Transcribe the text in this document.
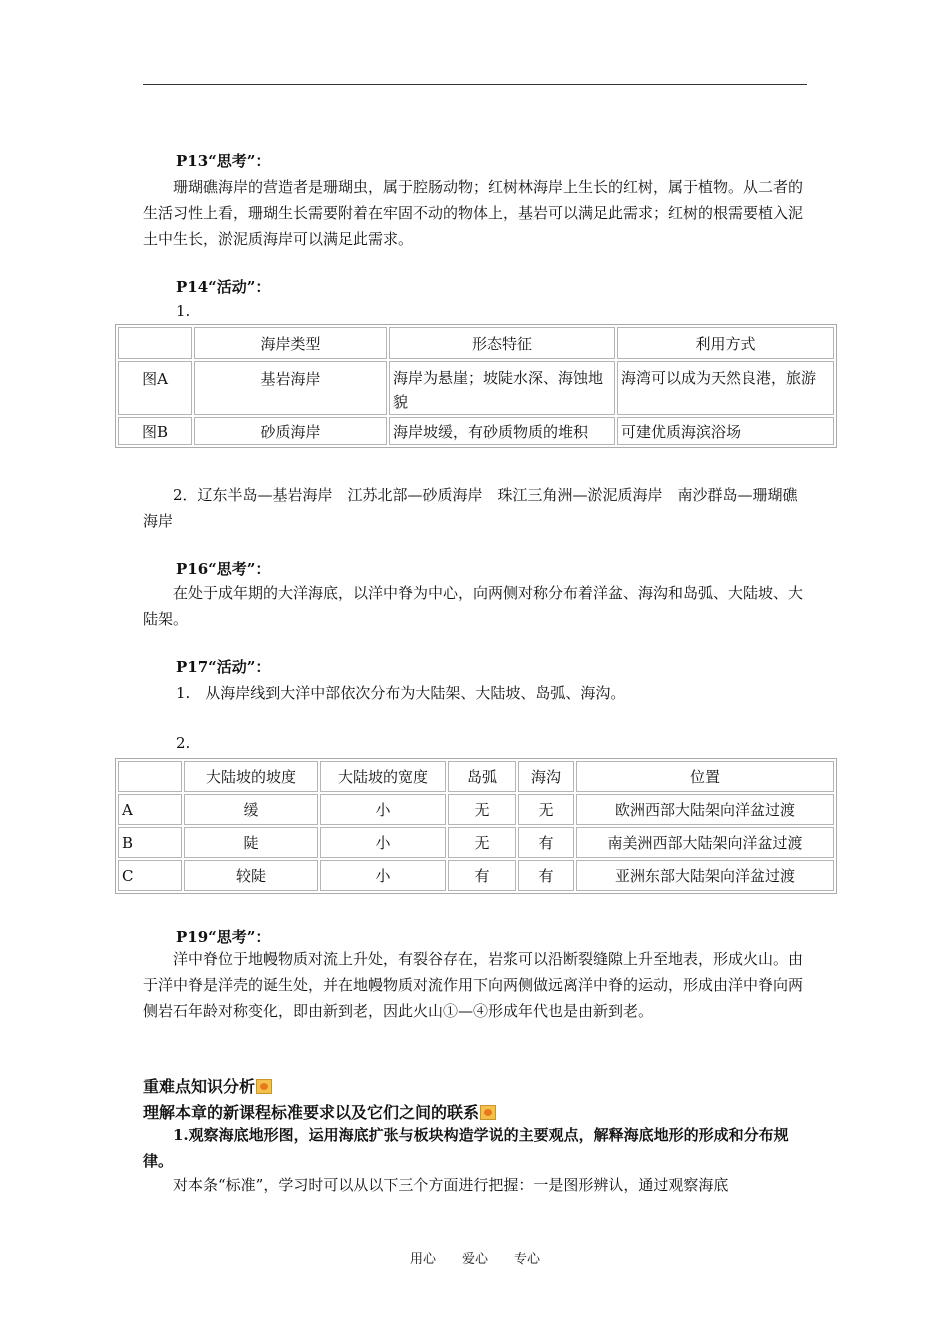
P13“思考”：
珊瑚礁海岸的营造者是珊瑚虫，属于腔肠动物；红树林海岸上生长的红树，属于植物。从二者的生活习性上看，珊瑚生长需要附着在牢固不动的物体上，基岩可以满足此需求；红树的根需要植入泥土中生长，淤泥质海岸可以满足此需求。
P14“活动”：
1.
	海岸类型	形态特征	利用方式
图A	基岩海岸	海岸为悬崖；坡陡水深、海蚀地貌	海湾可以成为天然良港，旅游
图B	砂质海岸	海岸坡缓，有砂质物质的堆积	可建优质海滨浴场
2．辽东半岛—基岩海岸　江苏北部—砂质海岸　珠江三角洲—淤泥质海岸　南沙群岛—珊瑚礁海岸
P16“思考”：
在处于成年期的大洋海底，以洋中脊为中心，向两侧对称分布着洋盆、海沟和岛弧、大陆坡、大陆架。
P17“活动”：
1.　从海岸线到大洋中部依次分布为大陆架、大陆坡、岛弧、海沟。
2.
	大陆坡的坡度	大陆坡的宽度	岛弧	海沟	位置
A	缓	小	无	无	欧洲西部大陆架向洋盆过渡
B	陡	小	无	有	南美洲西部大陆架向洋盆过渡
C	较陡	小	有	有	亚洲东部大陆架向洋盆过渡
P19“思考”：
洋中脊位于地幔物质对流上升处，有裂谷存在，岩浆可以沿断裂缝隙上升至地表，形成火山。由于洋中脊是洋壳的诞生处，并在地幔物质对流作用下向两侧做远离洋中脊的运动，形成由洋中脊向两侧岩石年龄对称变化，即由新到老，因此火山①—④形成年代也是由新到老。
重难点知识分析
理解本章的新课程标准要求以及它们之间的联系
1.观察海底地形图，运用海底扩张与板块构造学说的主要观点，解释海底地形的形成和分布规律。
对本条“标准”，学习时可以从以下三个方面进行把握：一是图形辨认，通过观察海底
用心　　爱心　　专心
